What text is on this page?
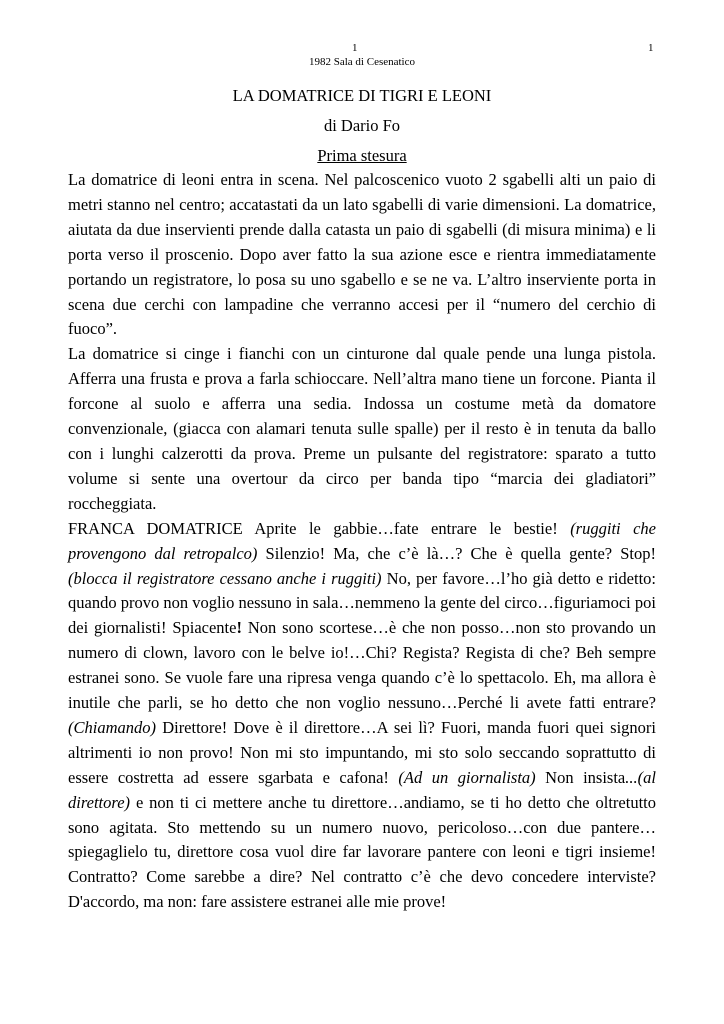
1	1
1982 Sala di Cesenatico
LA DOMATRICE DI TIGRI E LEONI
di Dario Fo
Prima stesura

La domatrice di leoni entra in scena. Nel palcoscenico vuoto 2 sgabelli alti un paio di metri stanno nel centro; accatastati da un lato sgabelli di varie dimensioni. La domatrice, aiutata da due inservienti prende dalla catasta un paio di sgabelli (di misura minima) e li porta verso il proscenio. Dopo aver fatto la sua azione esce e rientra immediatamente portando un registratore, lo posa su uno sgabello e se ne va. L’altro inserviente porta in scena due cerchi con lampadine che verranno accesi per il “numero del cerchio di fuoco”.

La domatrice si cinge i fianchi con un cinturone dal quale pende una lunga pistola. Afferra una frusta e prova a farla schioccare. Nell’altra mano tiene un forcone. Pianta il forcone al suolo e afferra una sedia. Indossa un costume metà da domatore convenzionale, (giacca con alamari tenuta sulle spalle) per il resto è in tenuta da ballo con i lunghi calzerotti da prova. Preme un pulsante del registratore: sparato a tutto volume si sente una overtour da circo per banda tipo “marcia dei gladiatori” roccheggiata.

FRANCA DOMATRICE Aprite le gabbie…fate entrare le bestie! (ruggiti che provengono dal retropalco) Silenzio! Ma, che c’è là…? Che è quella gente? Stop! (blocca il registratore cessano anche i ruggiti) No, per favore…l’ho già detto e ridetto: quando provo non voglio nessuno in sala…nemmeno la gente del circo…figuriamoci poi dei giornalisti! Spiacente! Non sono scortese…è che non posso…non sto provando un numero di clown, lavoro con le belve io!…Chi? Regista? Regista di che? Beh sempre estranei sono. Se vuole fare una ripresa venga quando c’è lo spettacolo. Eh, ma allora è inutile che parli, se ho detto che non voglio nessuno…Perché li avete fatti entrare? (Chiamando) Direttore! Dove è il direttore…A sei lì? Fuori, manda fuori quei signori altrimenti io non provo! Non mi sto impuntando, mi sto solo seccando soprattutto di essere costretta ad essere sgarbata e cafona! (Ad un giornalista) Non insista...(al direttore) e non ti ci mettere anche tu direttore…andiamo, se ti ho detto che oltretutto sono agitata. Sto mettendo su un numero nuovo, pericoloso…con due pantere…spiegaglielo tu, direttore cosa vuol dire far lavorare pantere con leoni e tigri insieme! Contratto? Come sarebbe a dire? Nel contratto c’è che devo concedere interviste? D'accordo, ma non: fare assistere estranei alle mie prove!
